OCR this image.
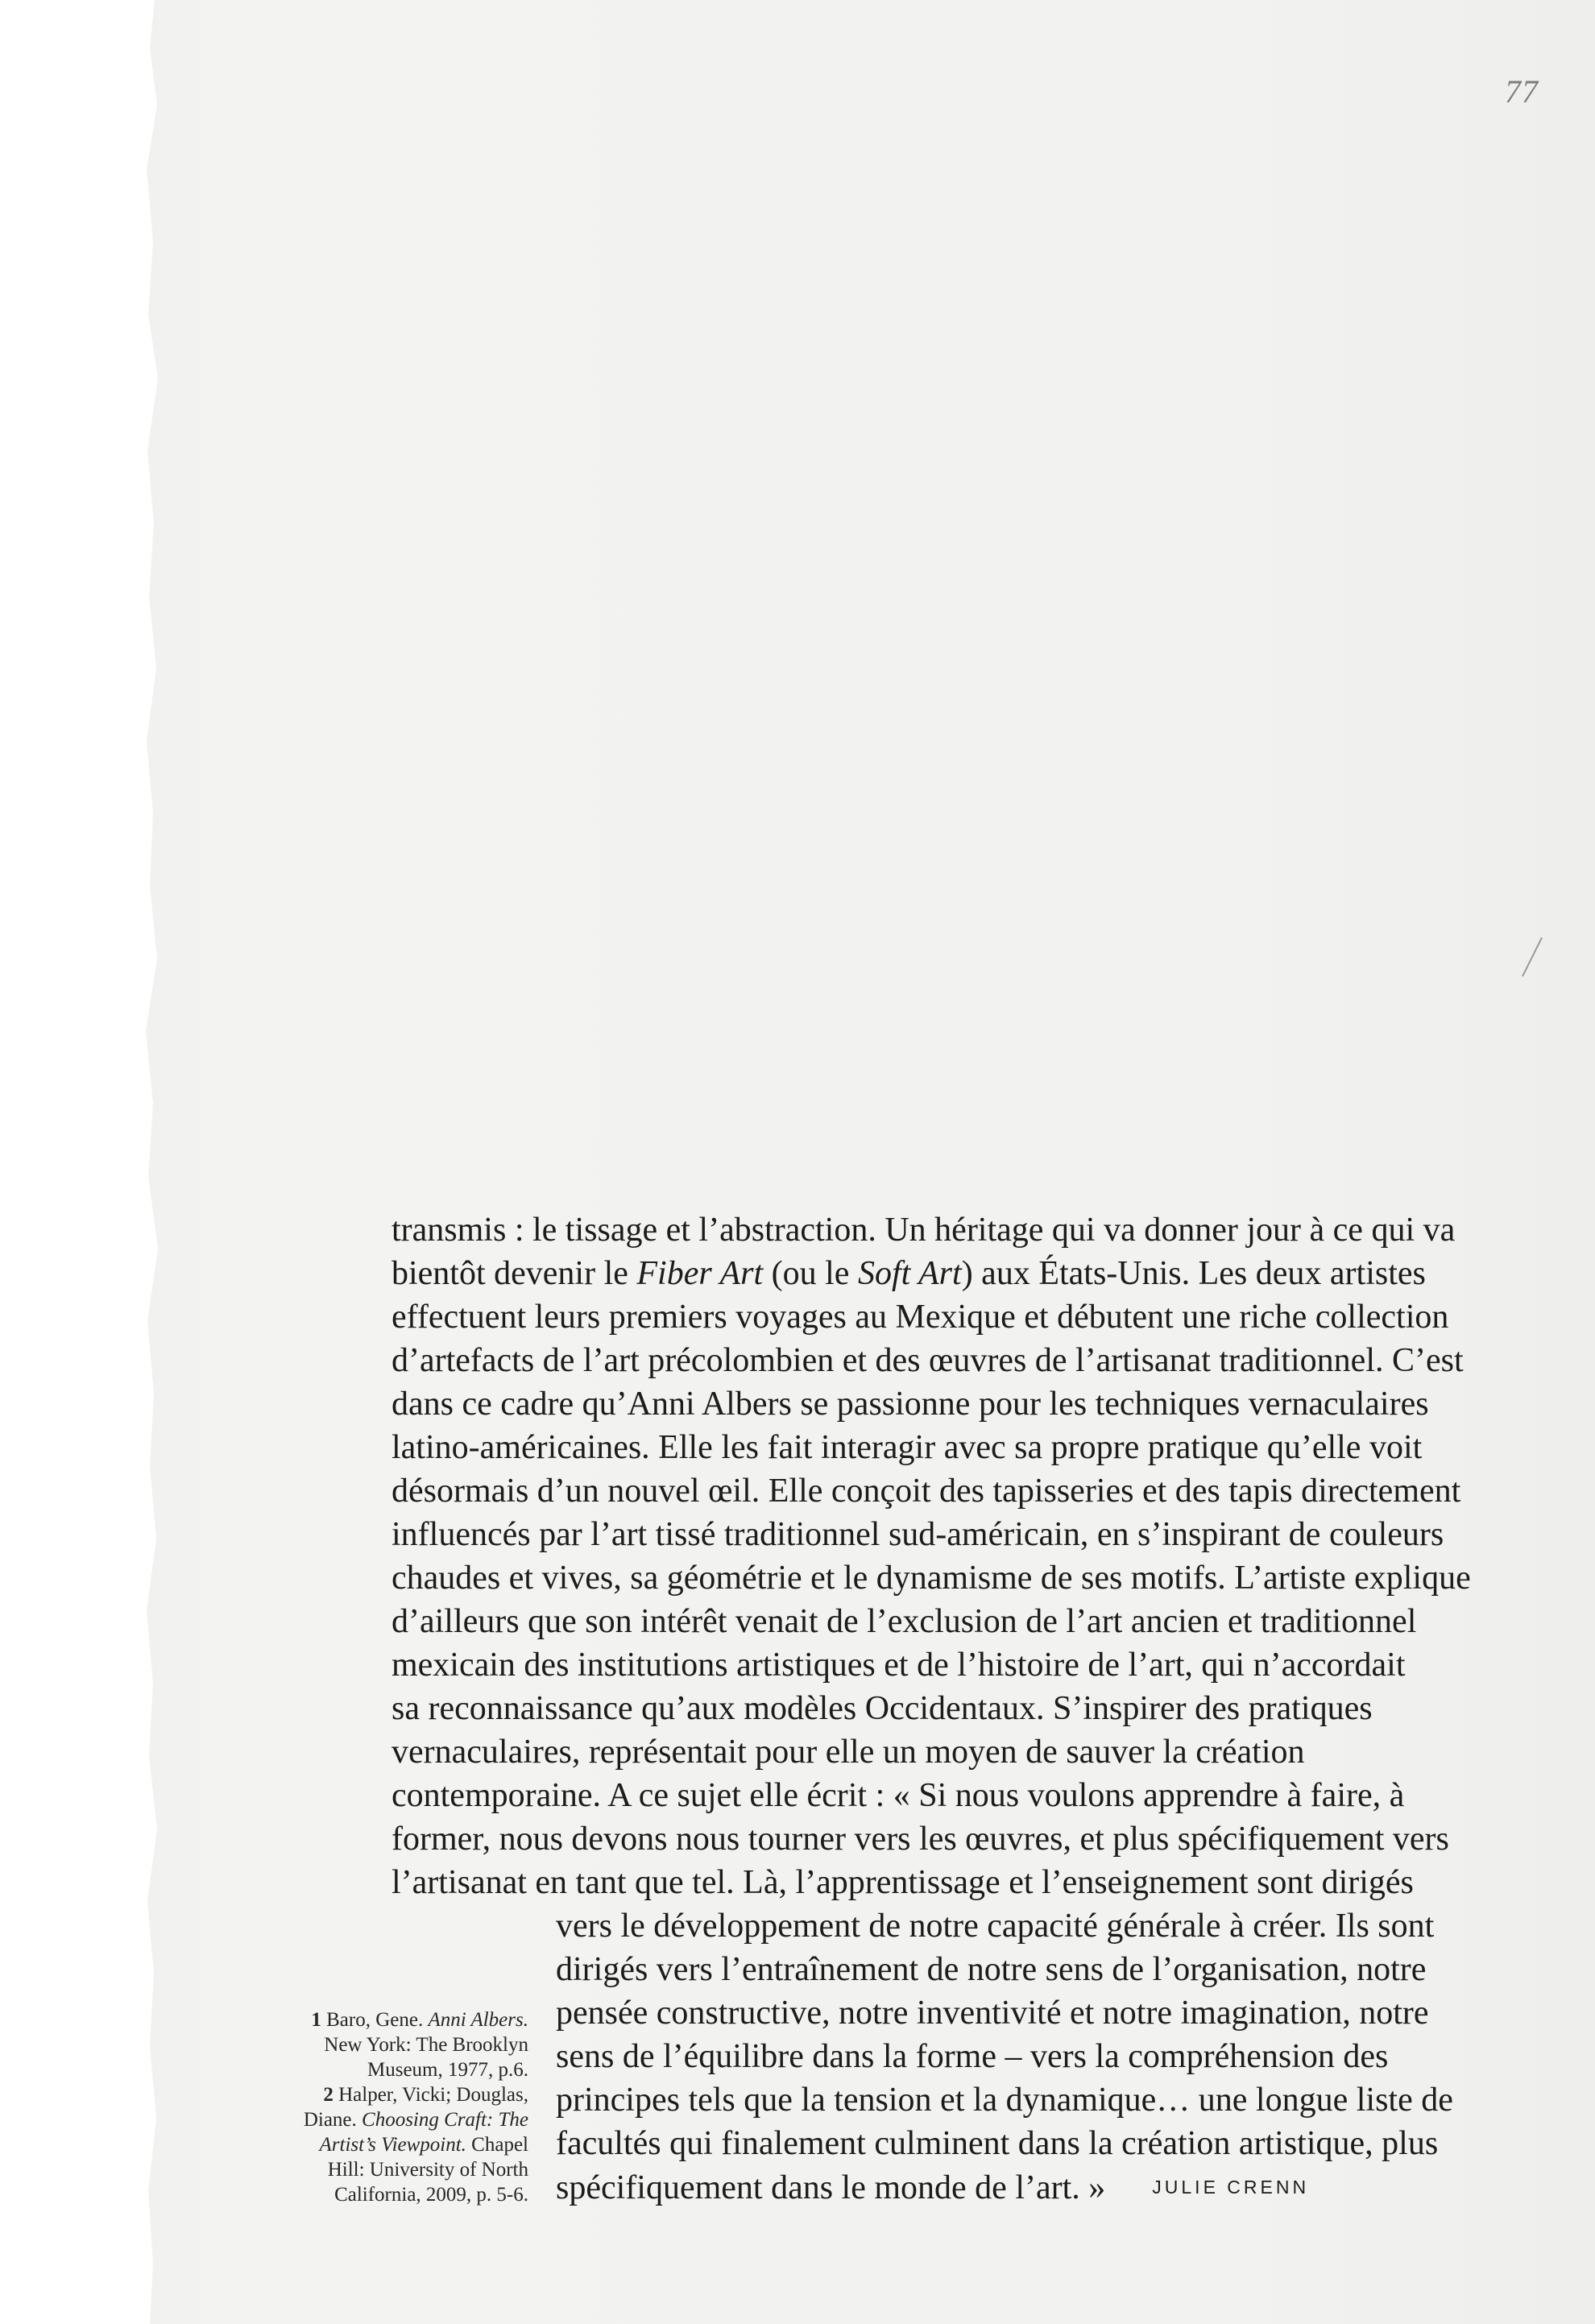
77
transmis : le tissage et l’abstraction. Un héritage qui va donner jour à ce qui va
bientôt devenir le Fiber Art (ou le Soft Art) aux États-Unis. Les deux artistes
effectuent leurs premiers voyages au Mexique et débutent une riche collection
d’artefacts de l’art précolombien et des œuvres de l’artisanat traditionnel. C’est
dans ce cadre qu’Anni Albers se passionne pour les techniques vernaculaires
latino-américaines. Elle les fait interagir avec sa propre pratique qu’elle voit
désormais d’un nouvel œil. Elle conçoit des tapisseries et des tapis directement
influencés par l’art tissé traditionnel sud-américain, en s’inspirant de couleurs
chaudes et vives, sa géométrie et le dynamisme de ses motifs. L’artiste explique
d’ailleurs que son intérêt venait de l’exclusion de l’art ancien et traditionnel
mexicain des institutions artistiques et de l’histoire de l’art, qui n’accordait
sa reconnaissance qu’aux modèles Occidentaux. S’inspirer des pratiques
vernaculaires, représentait pour elle un moyen de sauver la création
contemporaine. A ce sujet elle écrit : « Si nous voulons apprendre à faire, à
former, nous devons nous tourner vers les œuvres, et plus spécifiquement vers
l’artisanat en tant que tel. Là, l’apprentissage et l’enseignement sont dirigés
vers le développement de notre capacité générale à créer. Ils sont
dirigés vers l’entraînement de notre sens de l’organisation, notre
pensée constructive, notre inventivité et notre imagination, notre
sens de l’équilibre dans la forme – vers la compréhension des
principes tels que la tension et la dynamique… une longue liste de
facultés qui finalement culminent dans la création artistique, plus
spécifiquement dans le monde de l’art. »	JULIE CRENN
1 Baro, Gene. Anni Albers.
New York: The Brooklyn
Museum, 1977, p.6.
2 Halper, Vicki; Douglas,
Diane. Choosing Craft: The
Artist’s Viewpoint. Chapel
Hill: University of North
California, 2009, p. 5-6.
